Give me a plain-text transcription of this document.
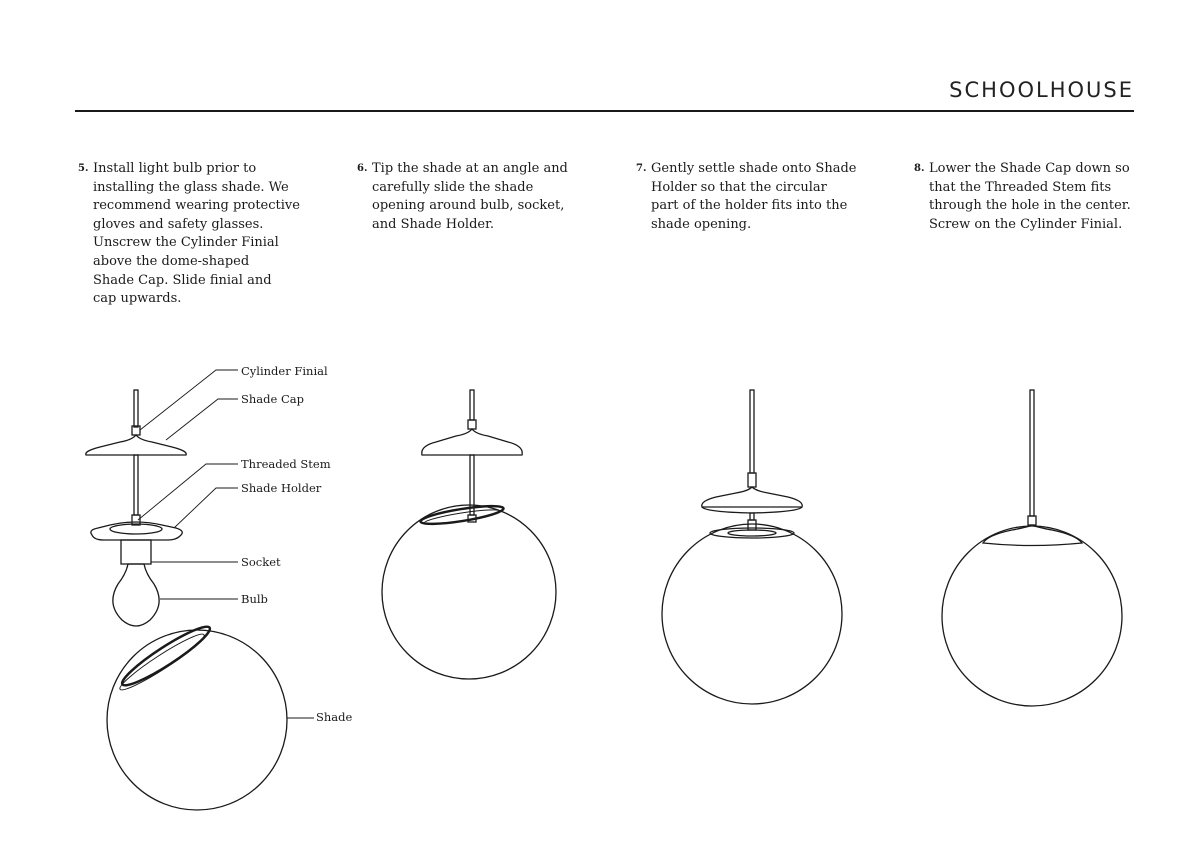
SCHOOLHOUSE
5. Install light bulb prior to
installing the glass shade. We
recommend wearing protective
gloves and safety glasses.
Unscrew the Cylinder Finial
above the dome-shaped
Shade Cap. Slide finial and
cap upwards.
6. Tip the shade at an angle and
carefully slide the shade
opening around bulb, socket,
and Shade Holder.
7. Gently settle shade onto Shade
Holder so that the circular
part of the holder fits into the
shade opening.
8. Lower the Shade Cap down so
that the Threaded Stem fits
through the hole in the center.
Screw on the Cylinder Finial.
Cylinder Finial
Shade Cap
Threaded Stem
Shade Holder
Socket
Bulb
Shade
